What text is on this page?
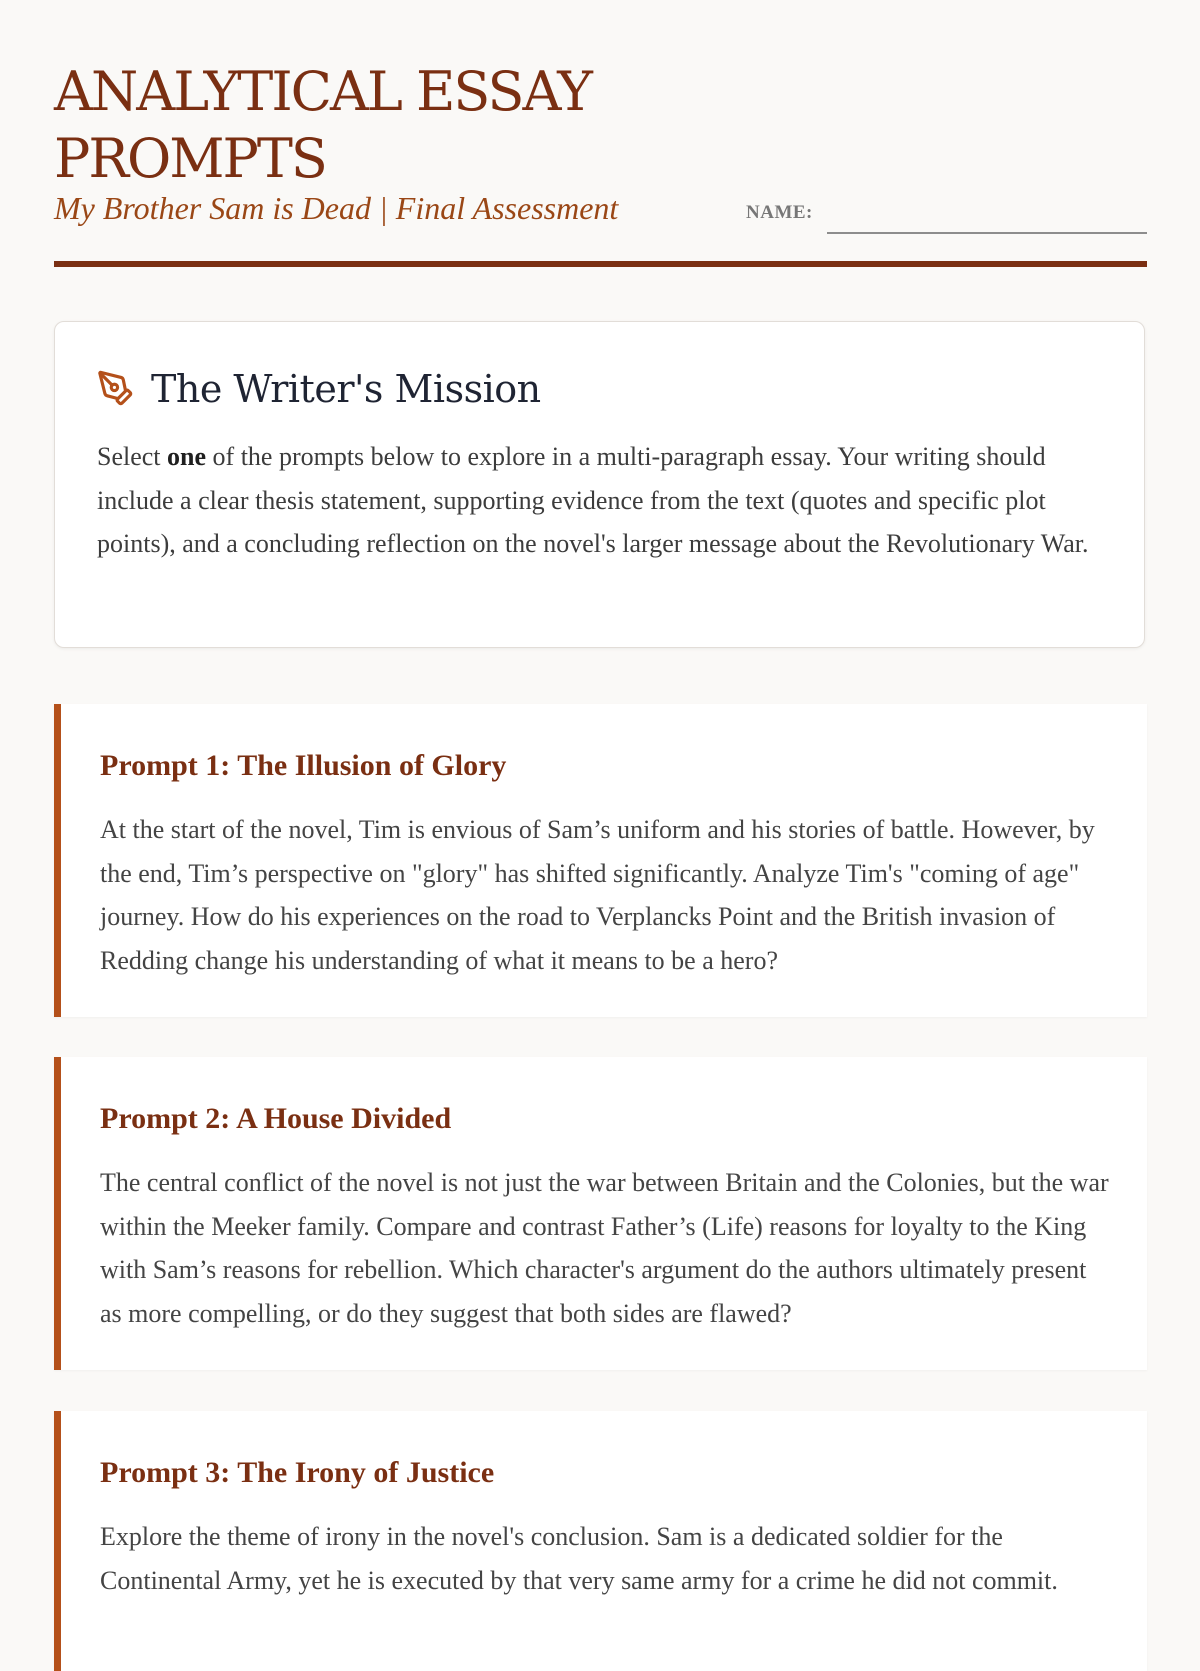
ANALYTICAL ESSAY PROMPTS
My Brother Sam is Dead | Final Assessment	NAME:
The Writer's Mission

Select one of the prompts below to explore in a multi-paragraph essay. Your writing should include a clear thesis statement, supporting evidence from the text (quotes and specific plot points), and a concluding reflection on the novel's larger message about the Revolutionary War.

Prompt 1: The Illusion of Glory

At the start of the novel, Tim is envious of Sam’s uniform and his stories of battle. However, by the end, Tim’s perspective on "glory" has shifted significantly. Analyze Tim's "coming of age" journey. How do his experiences on the road to Verplancks Point and the British invasion of Redding change his understanding of what it means to be a hero?

Prompt 2: A House Divided

The central conflict of the novel is not just the war between Britain and the Colonies, but the war within the Meeker family. Compare and contrast Father’s (Life) reasons for loyalty to the King with Sam’s reasons for rebellion. Which character's argument do the authors ultimately present as more compelling, or do they suggest that both sides are flawed?

Prompt 3: The Irony of Justice

Explore the theme of irony in the novel's conclusion. Sam is a dedicated soldier for the Continental Army, yet he is executed by that very same army for a crime he did not commit.
